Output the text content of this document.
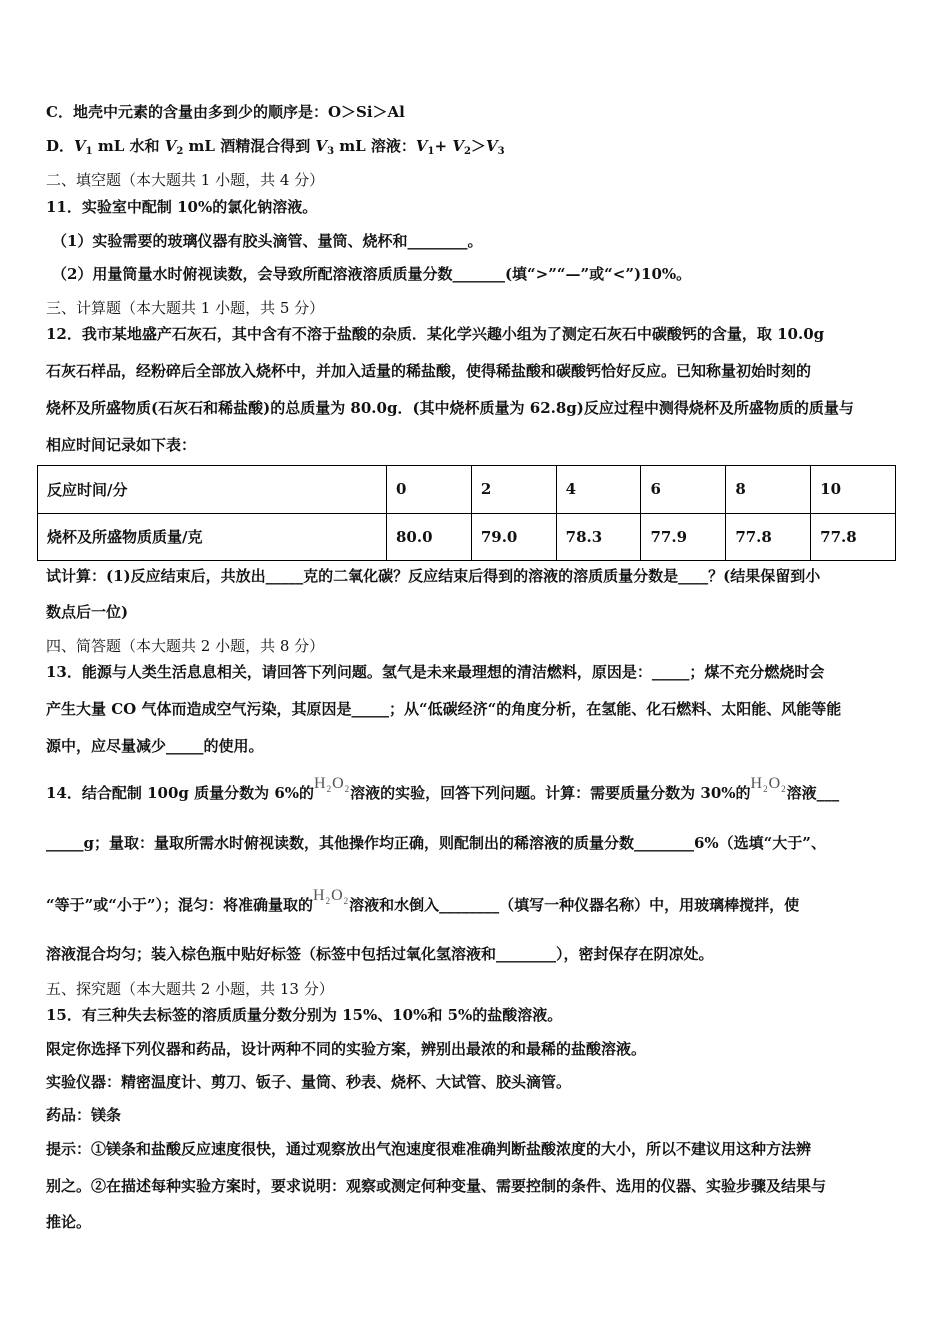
C．地壳中元素的含量由多到少的顺序是：O＞Si＞Al
D．$V_1$ mL 水和 $V_2$ mL 酒精混合得到 $V_3$ mL 溶液：$V_1+ V_2>V_3$
二、填空题（本大题共 1 小题，共 4 分）
11．实验室中配制 10%的氯化钠溶液。
（1）实验需要的玻璃仪器有胶头滴管、量筒、烧杯和________。
（2）用量筒量水时俯视读数，会导致所配溶液溶质质量分数_______(填“>”“—”或“<”)10%。
三、计算题（本大题共 1 小题，共 5 分）
12．我市某地盛产石灰石，其中含有不溶于盐酸的杂质．某化学兴趣小组为了测定石灰石中碳酸钙的含量，取 10.0g
石灰石样品，经粉碎后全部放入烧杯中，并加入适量的稀盐酸，使得稀盐酸和碳酸钙恰好反应。已知称量初始时刻的
烧杯及所盛物质(石灰石和稀盐酸)的总质量为 80.0g．(其中烧杯质量为 62.8g)反应过程中测得烧杯及所盛物质的质量与
相应时间记录如下表：
反应时间/分	0	2	4	6	8	10
烧杯及所盛物质质量/克	80.0	79.0	78.3	77.9	77.8	77.8
试计算：(1)反应结束后，共放出_____克的二氧化碳？反应结束后得到的溶液的溶质质量分数是____？(结果保留到小
数点后一位)
四、简答题（本大题共 2 小题，共 8 分）
13．能源与人类生活息息相关，请回答下列问题。氢气是未来最理想的清洁燃料，原因是：_____；煤不充分燃烧时会
产生大量 CO 气体而造成空气污染，其原因是_____；从“低碳经济“的角度分析，在氢能、化石燃料、太阳能、风能等能
源中，应尽量减少_____的使用。
14．结合配制 100g 质量分数为 6%的$H_2O_2$溶液的实验，回答下列问题。计算：需要质量分数为 30%的$H_2O_2$溶液___
_____g；量取：量取所需水时俯视读数，其他操作均正确，则配制出的稀溶液的质量分数________6%（选填“大于”、
“等于”或“小于”）；混匀：将准确量取的$H_2O_2$溶液和水倒入________（填写一种仪器名称）中，用玻璃棒搅拌，使
溶液混合均匀；装入棕色瓶中贴好标签（标签中包括过氧化氢溶液和________），密封保存在阴凉处。
五、探究题（本大题共 2 小题，共 13 分）
15．有三种失去标签的溶质质量分数分别为 15%、10%和 5%的盐酸溶液。
限定你选择下列仪器和药品，设计两种不同的实验方案，辨别出最浓的和最稀的盐酸溶液。
实验仪器：精密温度计、剪刀、钣子、量筒、秒表、烧杯、大试管、胶头滴管。
药品：镁条
提示：①镁条和盐酸反应速度很快，通过观察放出气泡速度很难准确判断盐酸浓度的大小，所以不建议用这种方法辨
别之。②在描述每种实验方案时，要求说明：观察或测定何种变量、需要控制的条件、选用的仪器、实验步骤及结果与
推论。
